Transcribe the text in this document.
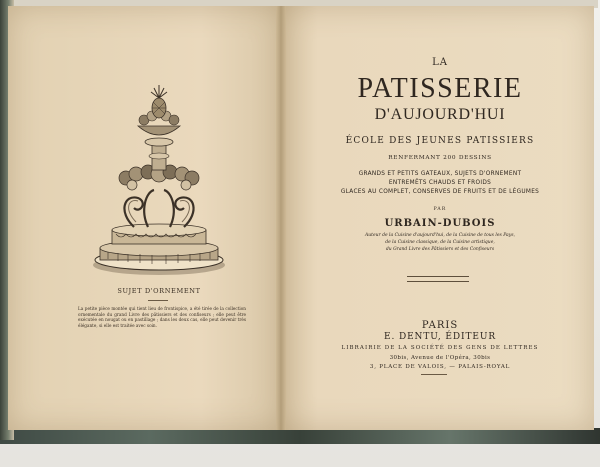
SUJET D'ORNEMENT
La petite pièce montée qui tient lieu de frontispice, a été tirée de la collection ornementale du grand Livre des pâtissiers et des confiseurs ; elle peut être exécutée en nougat ou en pastillage ; dans les deux cas, elle peut devenir très élégante, si elle est traitée avec soin.
LA
PATISSERIE
D'AUJOURD'HUI
ÉCOLE DES JEUNES PATISSIERS
RENFERMANT 200 DESSINS
GRANDS ET PETITS GATEAUX, SUJETS D'ORNEMENT
ENTREMÊTS CHAUDS ET FROIDS
GLACES AU COMPLET, CONSERVES DE FRUITS ET DE LÉGUMES
PAR
URBAIN-DUBOIS
Auteur de la Cuisine d'aujourd'hui, de la Cuisine de tous les Pays,
de la Cuisine classique, de la Cuisine artistique,
du Grand Livre des Pâtissiers et des Confiseurs
PARIS
E. DENTU, ÉDITEUR
LIBRAIRIE DE LA SOCIÉTÉ DES GENS DE LETTRES
30bis, Avenue de l'Opéra, 30bis
3, PLACE DE VALOIS, — PALAIS-ROYAL
